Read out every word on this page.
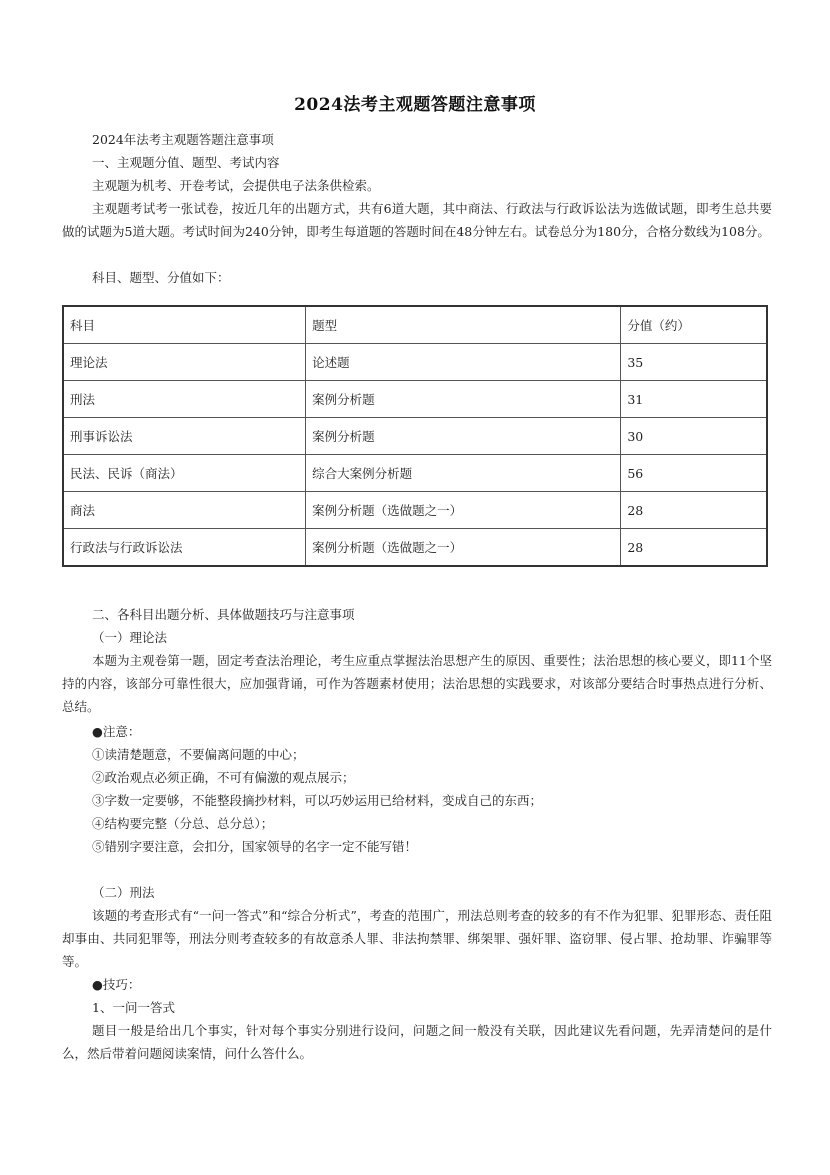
2024法考主观题答题注意事项

2024年法考主观题答题注意事项

一、主观题分值、题型、考试内容

主观题为机考、开卷考试，会提供电子法条供检索。

主观题考试考一张试卷，按近几年的出题方式，共有6道大题，其中商法、行政法与行政诉讼法为选做试题，即考生总共要做的试题为5道大题。考试时间为240分钟，即考生每道题的答题时间在48分钟左右。试卷总分为180分，合格分数线为108分。

科目、题型、分值如下：

科目	题型	分值（约）
理论法	论述题	35
刑法	案例分析题	31
刑事诉讼法	案例分析题	30
民法、民诉（商法）	综合大案例分析题	56
商法	案例分析题（选做题之一）	28
行政法与行政诉讼法	案例分析题（选做题之一）	28

二、各科目出题分析、具体做题技巧与注意事项

（一）理论法

本题为主观卷第一题，固定考查法治理论，考生应重点掌握法治思想产生的原因、重要性；法治思想的核心要义，即11个坚持的内容，该部分可靠性很大，应加强背诵，可作为答题素材使用；法治思想的实践要求，对该部分要结合时事热点进行分析、总结。

●注意：

①读清楚题意，不要偏离问题的中心；

②政治观点必须正确，不可有偏激的观点展示；

③字数一定要够，不能整段摘抄材料，可以巧妙运用已给材料，变成自己的东西；

④结构要完整（分总、总分总）；

⑤错别字要注意，会扣分，国家领导的名字一定不能写错！

（二）刑法

该题的考查形式有“一问一答式”和“综合分析式”，考查的范围广，刑法总则考查的较多的有不作为犯罪、犯罪形态、责任阻却事由、共同犯罪等，刑法分则考查较多的有故意杀人罪、非法拘禁罪、绑架罪、强奸罪、盗窃罪、侵占罪、抢劫罪、诈骗罪等等。

●技巧：

1、一问一答式

题目一般是给出几个事实，针对每个事实分别进行设问，问题之间一般没有关联，因此建议先看问题，先弄清楚问的是什么，然后带着问题阅读案情，问什么答什么。
